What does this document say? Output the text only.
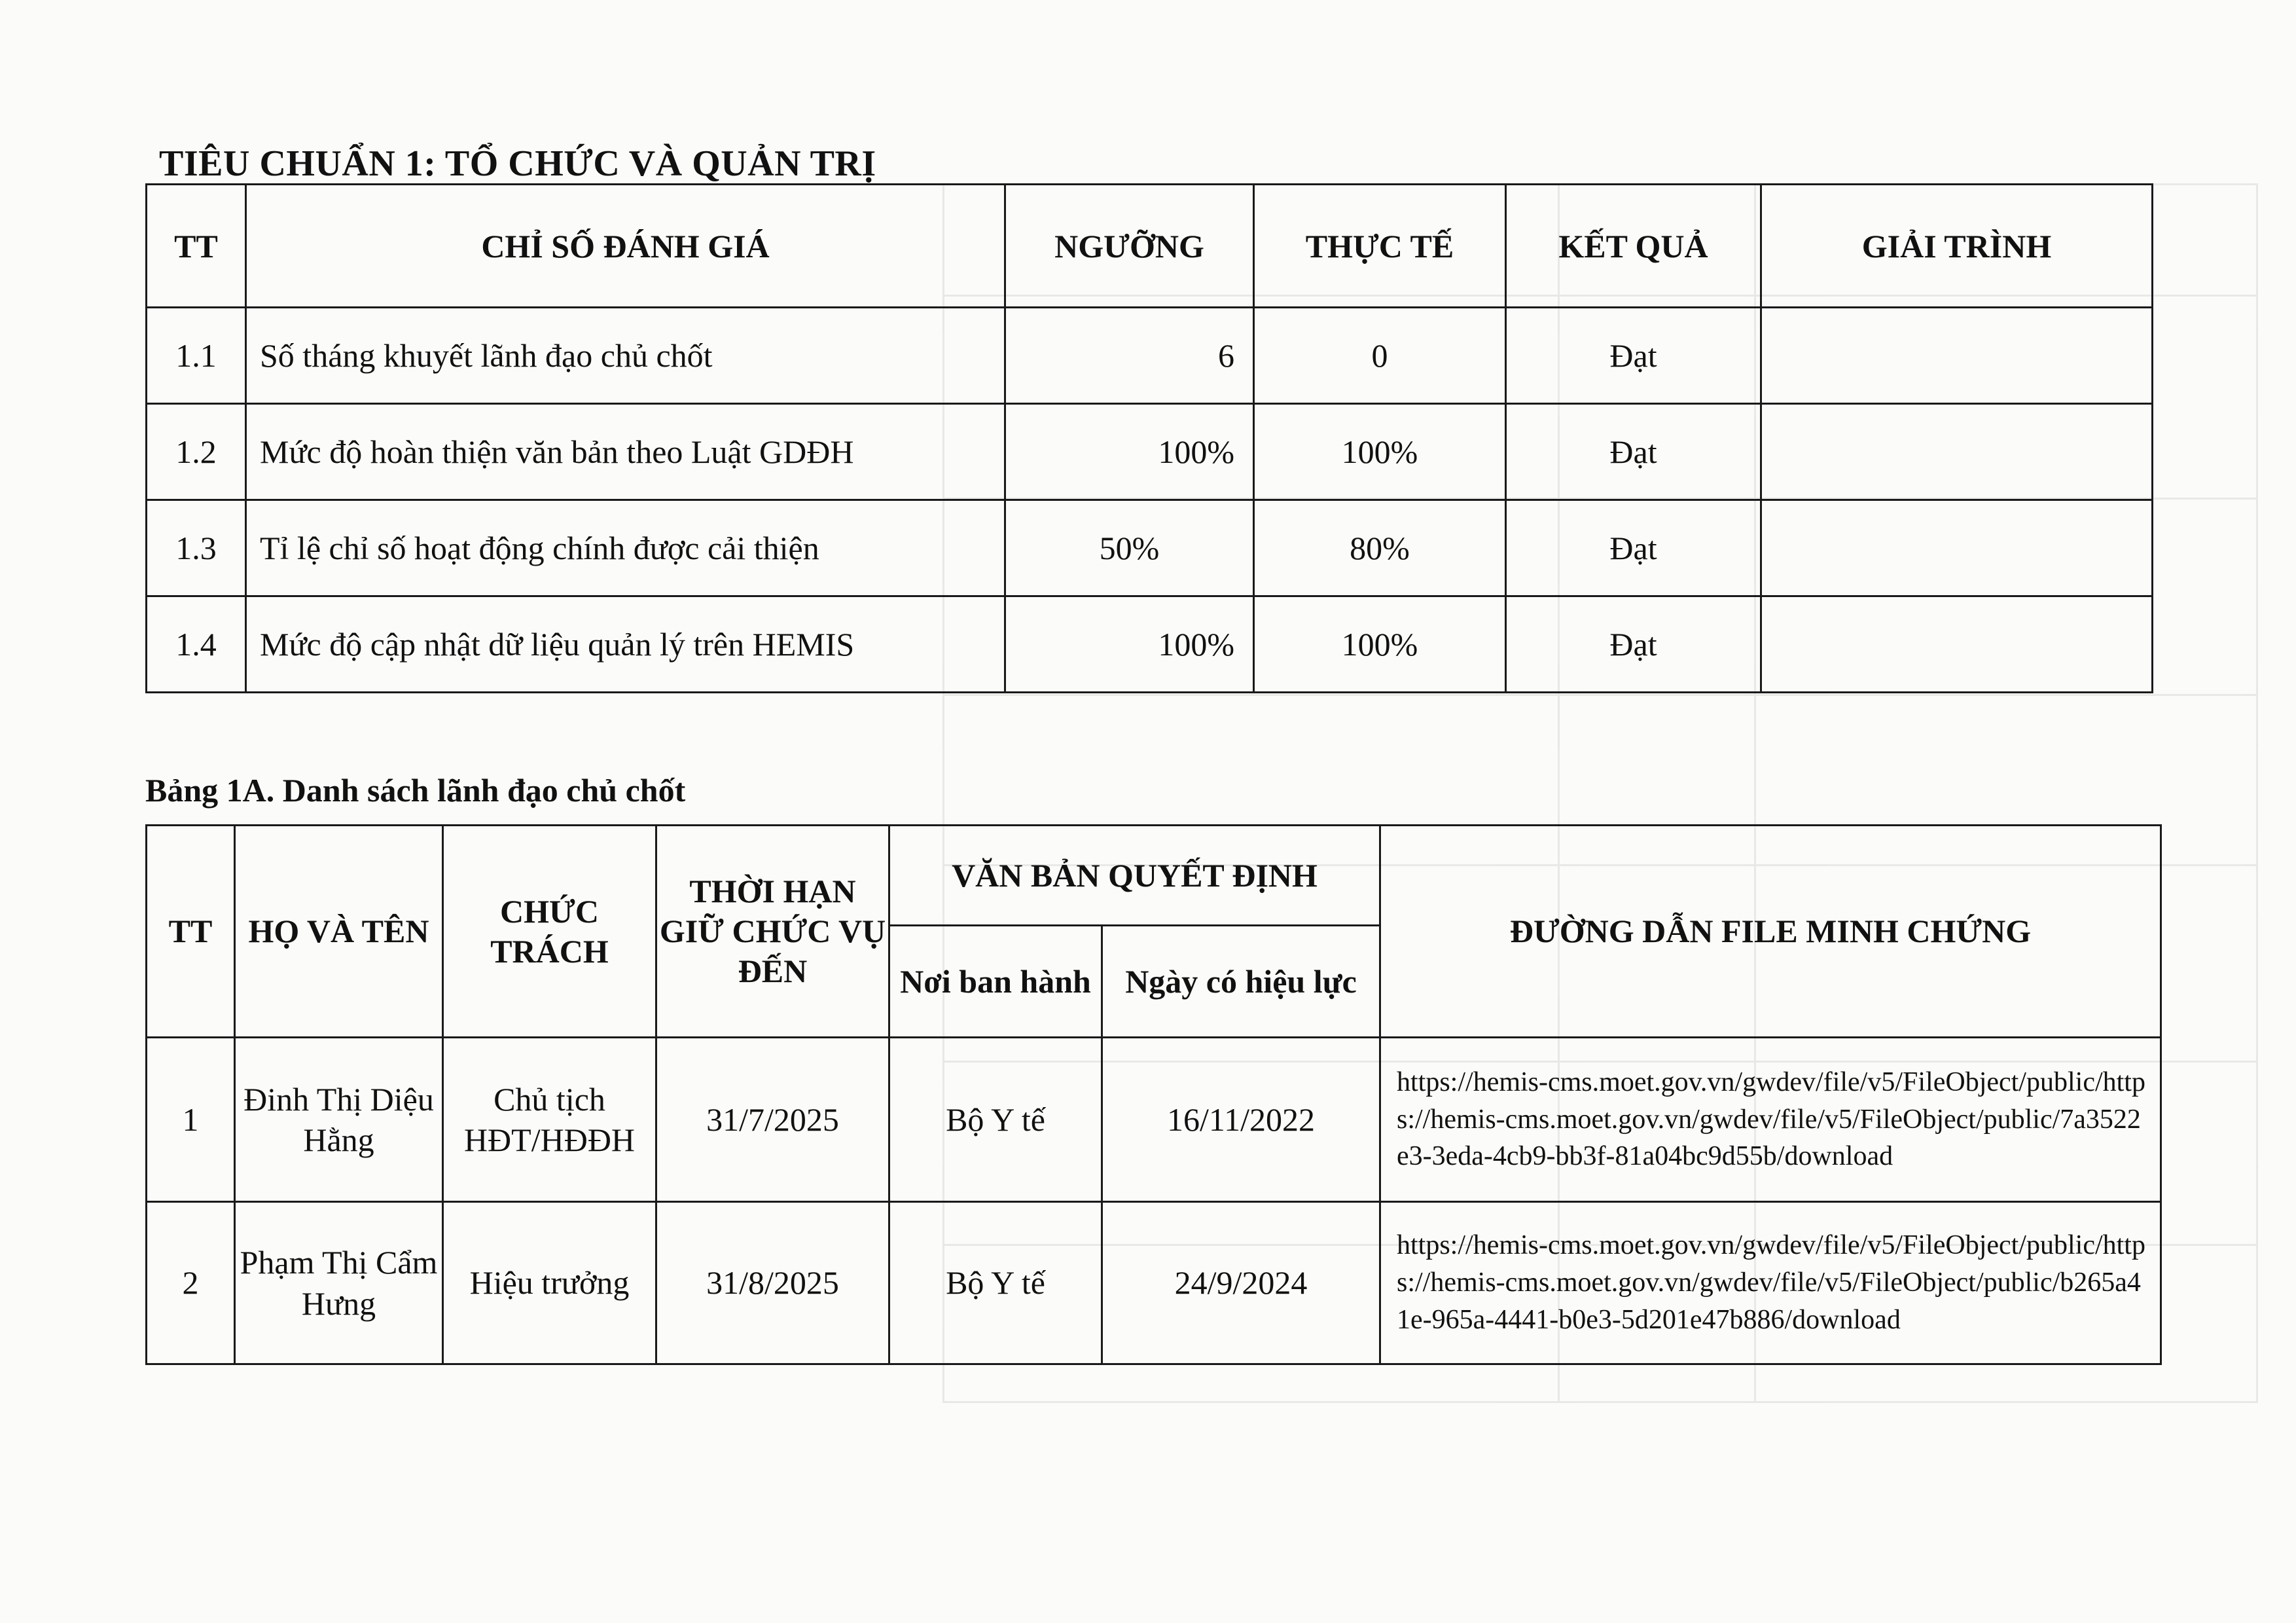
TIÊU CHUẨN 1: TỔ CHỨC VÀ QUẢN TRỊ
TT	CHỈ SỐ ĐÁNH GIÁ	NGƯỠNG	THỰC TẾ	KẾT QUẢ	GIẢI TRÌNH
1.1	Số tháng khuyết lãnh đạo chủ chốt	6	0	Đạt	
1.2	Mức độ hoàn thiện văn bản theo Luật GDĐH	100%	100%	Đạt	
1.3	Tỉ lệ chỉ số hoạt động chính được cải thiện	50%	80%	Đạt	
1.4	Mức độ cập nhật dữ liệu quản lý trên HEMIS	100%	100%	Đạt	
Bảng 1A. Danh sách lãnh đạo chủ chốt
TT	HỌ VÀ TÊN	CHỨC TRÁCH	THỜI HẠN GIỮ CHỨC VỤ ĐẾN	VĂN BẢN QUYẾT ĐỊNH		ĐƯỜNG DẪN FILE MINH CHỨNG
				Nơi ban hành	Ngày có hiệu lực	
1	Đinh Thị Diệu Hằng	Chủ tịch HĐT/HĐĐH	31/7/2025	Bộ Y tế	16/11/2022	https://hemis-cms.moet.gov.vn/gwdev/file/v5/FileObject/public/https://hemis-cms.moet.gov.vn/gwdev/file/v5/FileObject/public/7a3522e3-3eda-4cb9-bb3f-81a04bc9d55b/download
2	Phạm Thị Cẩm Hưng	Hiệu trưởng	31/8/2025	Bộ Y tế	24/9/2024	https://hemis-cms.moet.gov.vn/gwdev/file/v5/FileObject/public/https://hemis-cms.moet.gov.vn/gwdev/file/v5/FileObject/public/b265a41e-965a-4441-b0e3-5d201e47b886/download
